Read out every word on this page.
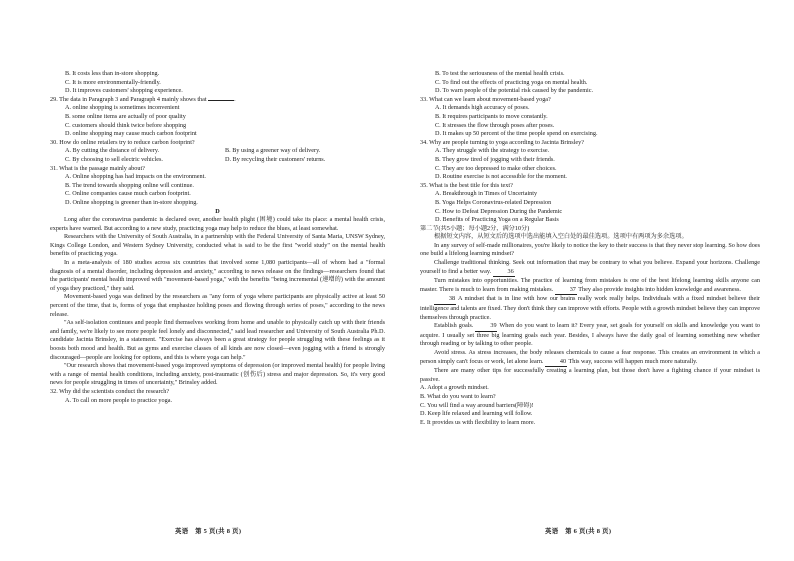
B. It costs less than in-store shopping.
C. It is more environmentally-friendly.
D. It improves customers' shopping experience.
29. The data in Paragraph 3 and Paragraph 4 mainly shows that	.
A. online shopping is sometimes inconvenient
B. some online items are actually of poor quality
C. customers should think twice before shopping
D. online shopping may cause much carbon footprint
30. How do online retailers try to reduce carbon footprint?
A. By cutting the distance of delivery.	B. By using a greener way of delivery.
C. By choosing to sell electric vehicles.	D. By recycling their customers' returns.
31. What is the passage mainly about?
A. Online shopping has had impacts on the environment.
B. The trend towards shopping online will continue.
C. Online companies cause much carbon footprint.
D. Online shopping is greener than in-store shopping.
D
Long after the coronavirus pandemic is declared over, another health plight (困境) could take its place: a mental health crisis, experts have warned. But according to a new study, practicing yoga may help to reduce the blues, at least somewhat.
Researchers with the University of South Australia, in a partnership with the Federal University of Santa Maria, UNSW Sydney, Kings College London, and Western Sydney University, conducted what is said to be the first "world study" on the mental health benefits of practicing yoga.
In a meta-analysis of 180 studies across six countries that involved some 1,080 participants—all of whom had a "formal diagnosis of a mental disorder, including depression and anxiety," according to news release on the findings—researchers found that the participants' mental health improved with "movement-based yoga," with the benefits "being incremental (递增的) with the amount of yoga they practiced," they said.
Movement-based yoga was defined by the researchers as "any form of yoga where participants are physically active at least 50 percent of the time, that is, forms of yoga that emphasize holding poses and flowing through series of poses," according to the news release.
"As self-isolation continues and people find themselves working from home and unable to physically catch up with their friends and family, we're likely to see more people feel lonely and disconnected," said lead researcher and University of South Australia Ph.D. candidate Jacinta Brinsley, in a statement. "Exercise has always been a great strategy for people struggling with these feelings as it boosts both mood and health. But as gyms and exercise classes of all kinds are now closed—even jogging with a friend is strongly discouraged—people are looking for options, and this is where yoga can help."
"Our research shows that movement-based yoga improved symptoms of depression (or improved mental health) for people living with a range of mental health conditions, including anxiety, post-traumatic (创伤后) stress and major depression. So, it's very good news for people struggling in times of uncertainty," Brinsley added.
32. Why did the scientists conduct the research?
A. To call on more people to practice yoga.
B. To test the seriousness of the mental health crisis.
C. To find out the effects of practicing yoga on mental health.
D. To warn people of the potential risk caused by the pandemic.
33. What can we learn about movement-based yoga?
A. It demands high accuracy of poses.
B. It requires participants to move constantly.
C. It stresses the flow through poses after poses.
D. It makes up 50 percent of the time people spend on exercising.
34. Why are people turning to yoga according to Jacinta Brinsley?
A. They struggle with the strategy to exercise.
B. They grow tired of jogging with their friends.
C. They are too depressed to make other choices.
D. Routine exercise is not accessible for the moment.
35. What is the best title for this text?
A. Breakthrough in Times of Uncertainty
B. Yoga Helps Coronavirus-related Depression
C. How to Defeat Depression During the Pandemic
D. Benefits of Practicing Yoga on a Regular Basis
第二节(共5小题；每小题2分，满分10分)
根据短文内容，从短文后的选项中选出能填入空白处的最佳选项。选项中有两项为多余选项。
In any survey of self-made millionaires, you're likely to notice the key to their success is that they never stop learning. So how does one build a lifelong learning mindset?
Challenge traditional thinking. Seek out information that may be contrary to what you believe. Expand your horizons. Challenge yourself to find a better way.	36
Turn mistakes into opportunities. The practice of learning from mistakes is one of the best lifelong learning skills anyone can master. There is much to learn from making mistakes.	37 They also provide insights into hidden knowledge and awareness.
38 A mindset that is in line with how our brains really work really helps. Individuals with a fixed mindset believe their intelligence and talents are fixed. They don't think they can improve with efforts. People with a growth mindset believe they can improve themselves through practice.
Establish goals.	39 When do you want to learn it? Every year, set goals for yourself on skills and knowledge you want to acquire. I usually set three big learning goals each year. Besides, I always have the daily goal of learning something new whether through reading or by talking to other people.
Avoid stress. As stress increases, the body releases chemicals to cause a fear response. This creates an environment in which a person simply can't focus or work, let alone learn.	40 This way, success will happen much more naturally.
There are many other tips for successfully creating a learning plan, but those don't have a fighting chance if your mindset is passive.
A. Adopt a growth mindset.
B. What do you want to learn?
C. You will find a way around barriers(障碍)!
D. Keep life relaxed and learning will follow.
E. It provides us with flexibility to learn more.
英语　第 5 页(共 8 页)	英语　第 6 页(共 8 页)
